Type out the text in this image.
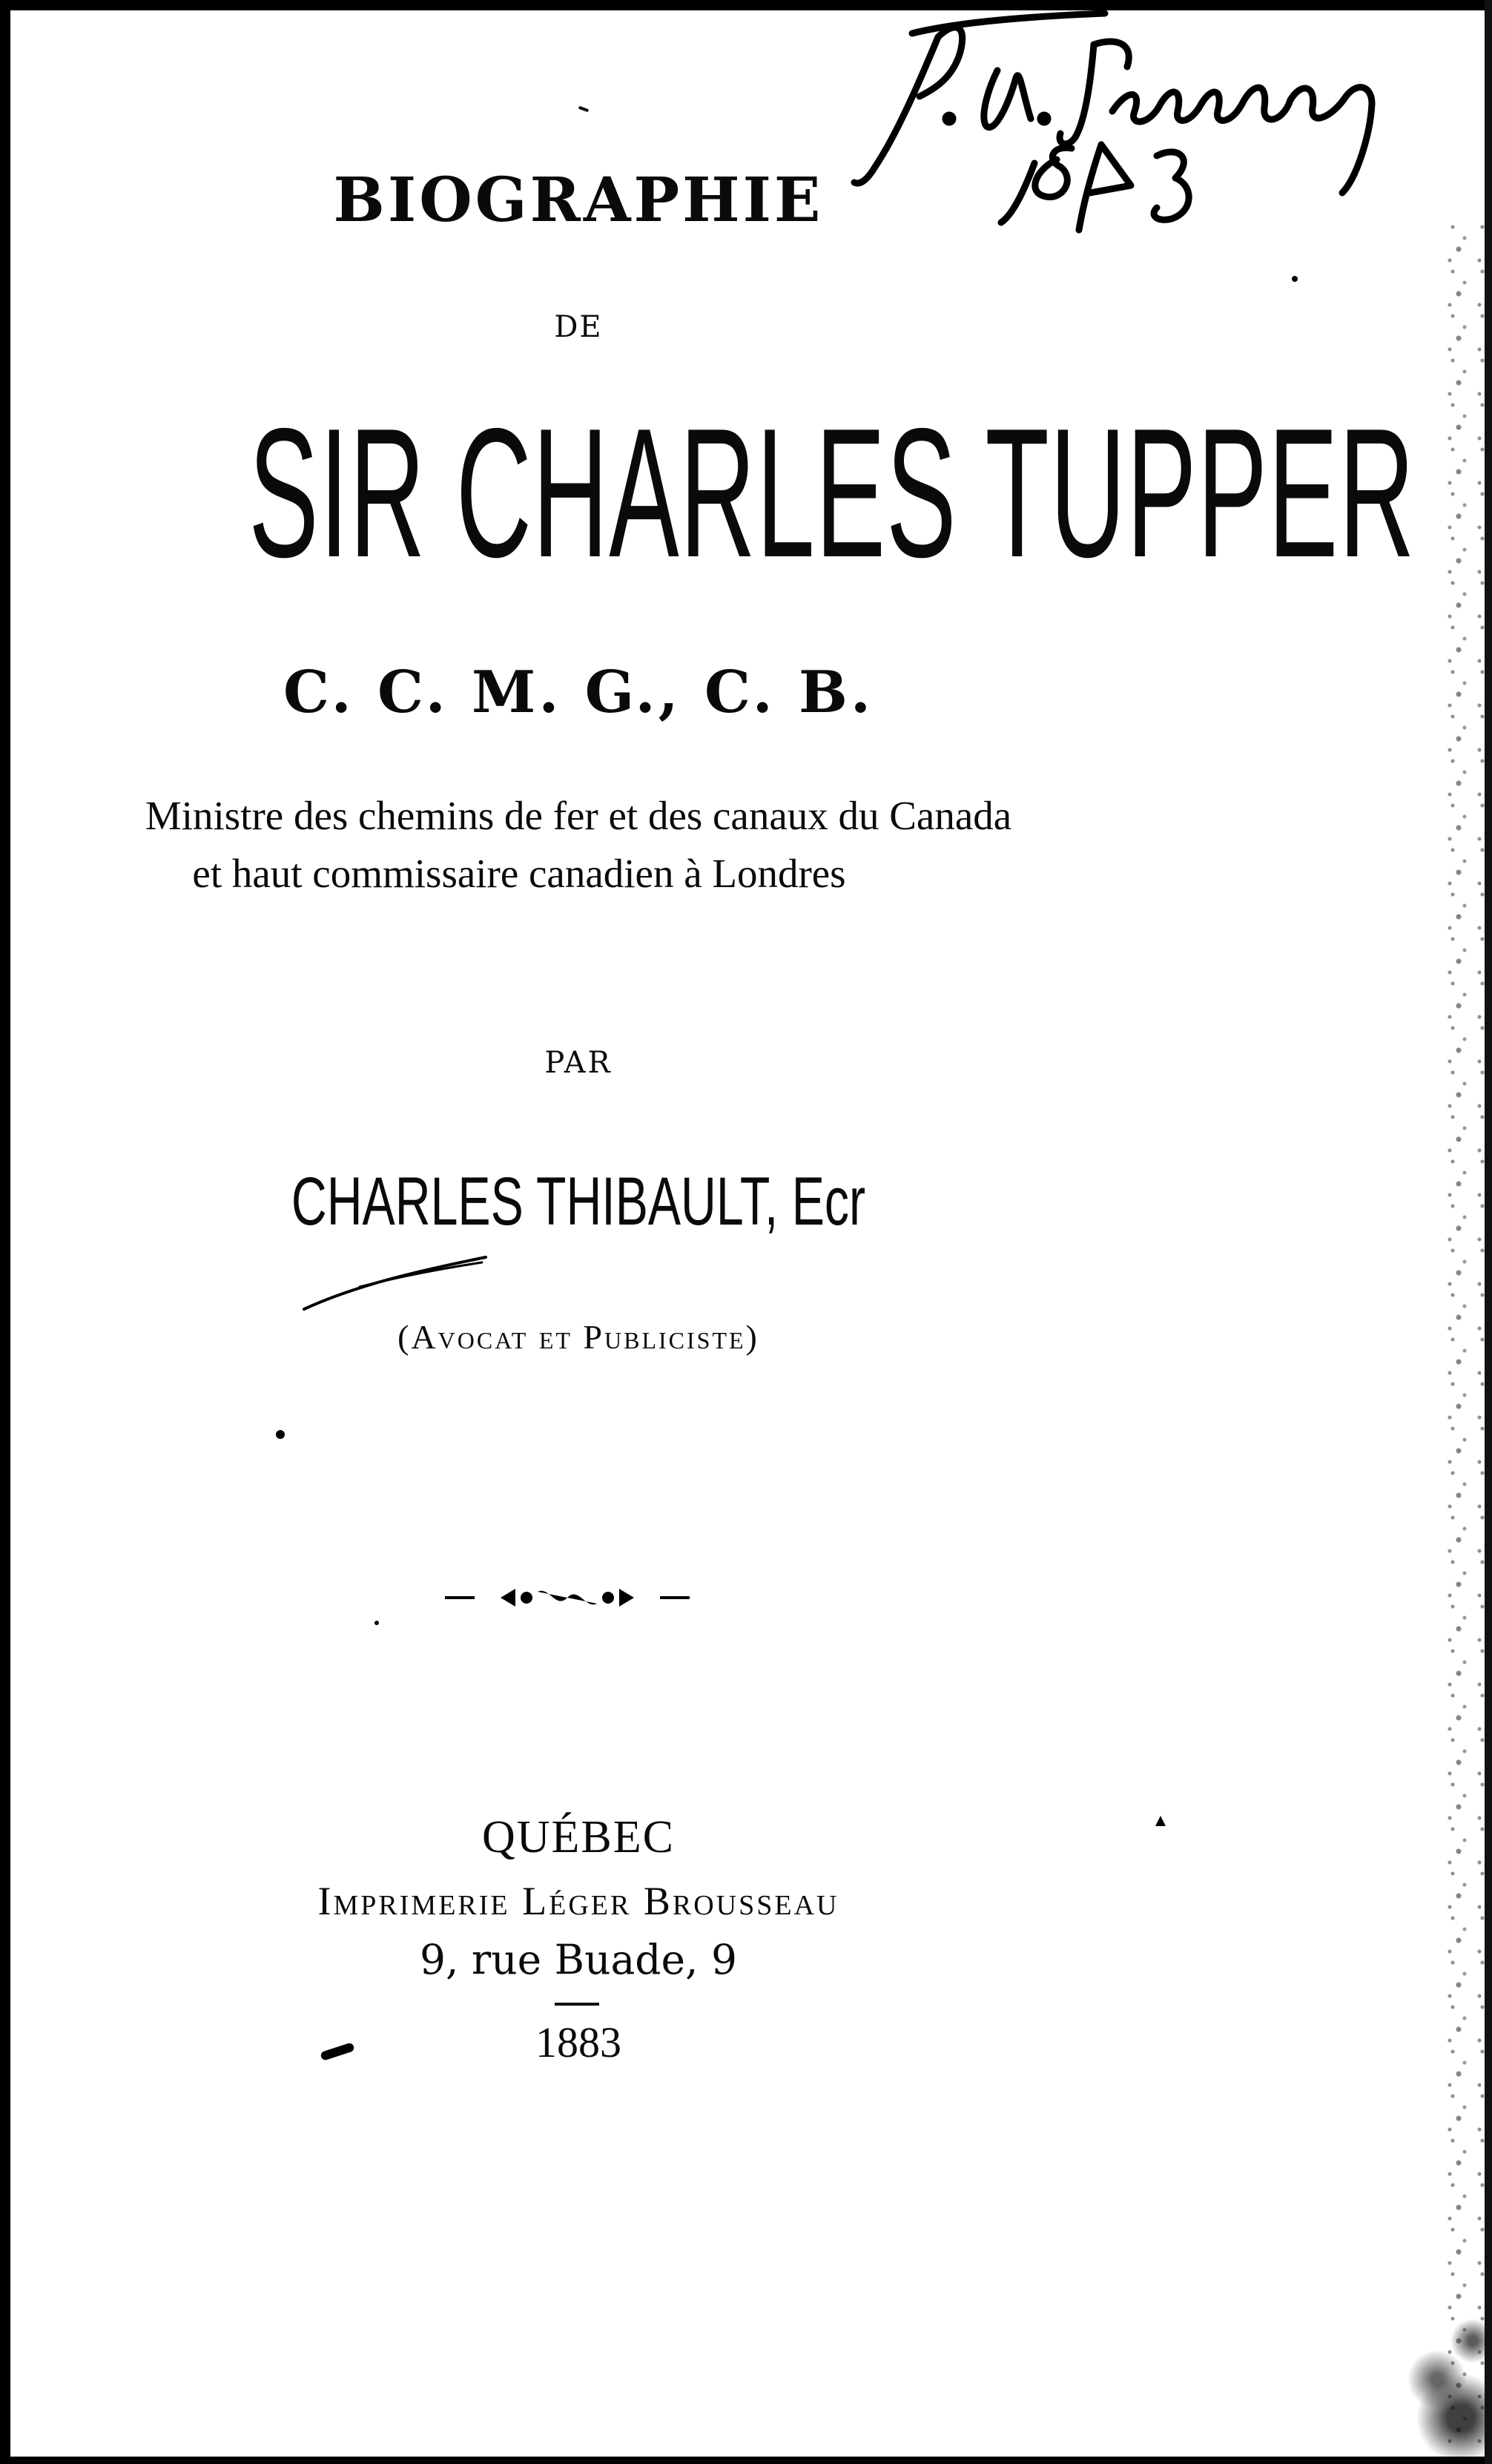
BIOGRAPHIE
DE
SIR CHARLES TUPPER
C. C. M. G., C. B.
Ministre des chemins de fer et des canaux du Canada
et haut commissaire canadien à Londres
PAR
CHARLES THIBAULT, Ecr
(Avocat et Publiciste)
QUÉBEC
Imprimerie Léger Brousseau
9, rue Buade, 9
1883
